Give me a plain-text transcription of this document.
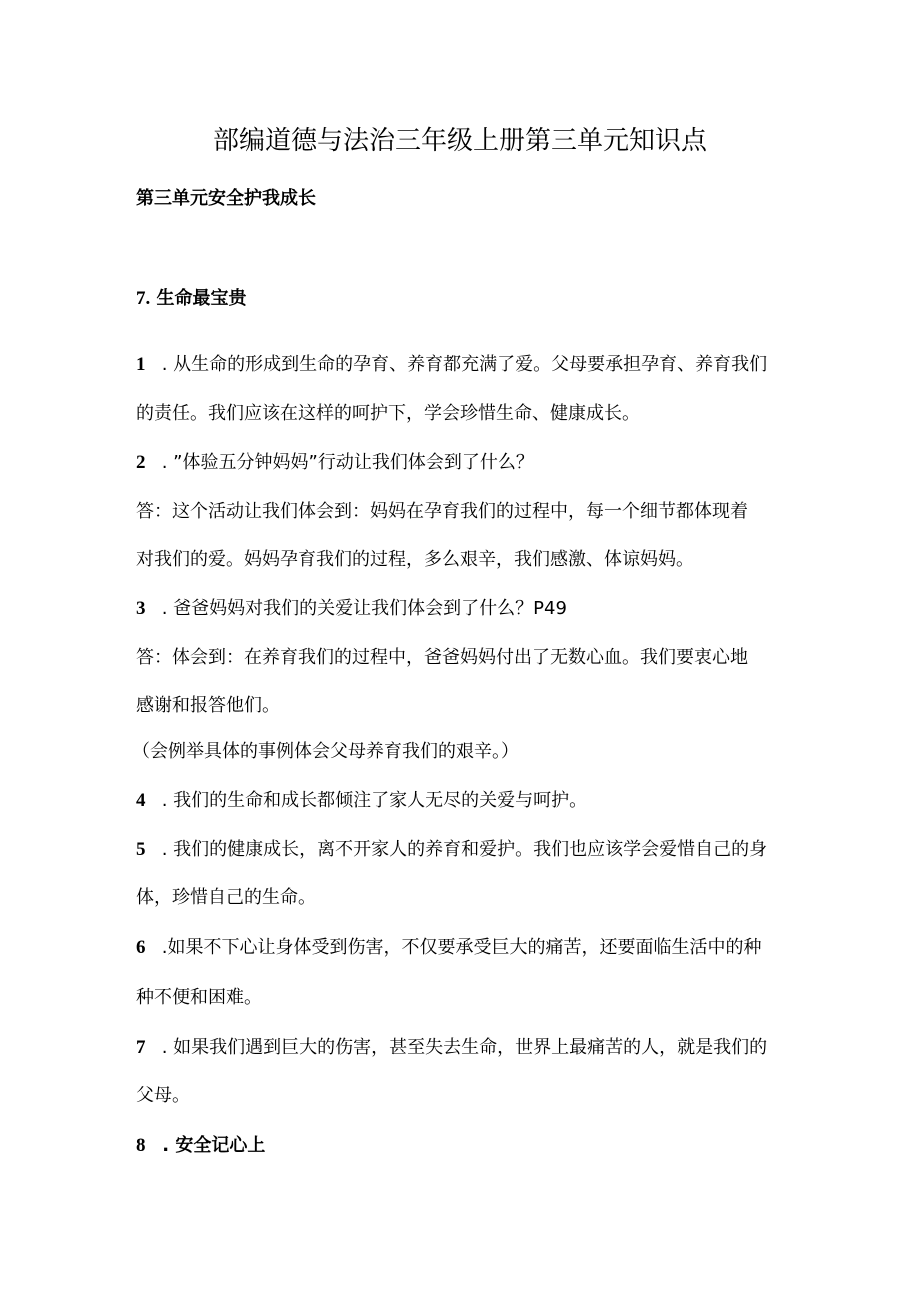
部编道德与法治三年级上册第三单元知识点
第三单元安全护我成长
7. 生命最宝贵
1 . 从生命的形成到生命的孕育、养育都充满了爱。父母要承担孕育、养育我们
的责任。我们应该在这样的呵护下，学会珍惜生命、健康成长。
2 . ”体验五分钟妈妈”行动让我们体会到了什么？
答：这个活动让我们体会到：妈妈在孕育我们的过程中，每一个细节都体现着
对我们的爱。妈妈孕育我们的过程，多么艰辛，我们感激、体谅妈妈。
3 . 爸爸妈妈对我们的关爱让我们体会到了什么？P49
答：体会到：在养育我们的过程中，爸爸妈妈付出了无数心血。我们要衷心地
感谢和报答他们。
（会例举具体的事例体会父母养育我们的艰辛。）
4 . 我们的生命和成长都倾注了家人无尽的关爱与呵护。
5 . 我们的健康成长，离不开家人的养育和爱护。我们也应该学会爱惜自己的身
体，珍惜自己的生命。
6 .如果不下心让身体受到伤害，不仅要承受巨大的痛苦，还要面临生活中的种
种不便和困难。
7 . 如果我们遇到巨大的伤害，甚至失去生命，世界上最痛苦的人，就是我们的
父母。
8 . 安全记心上
